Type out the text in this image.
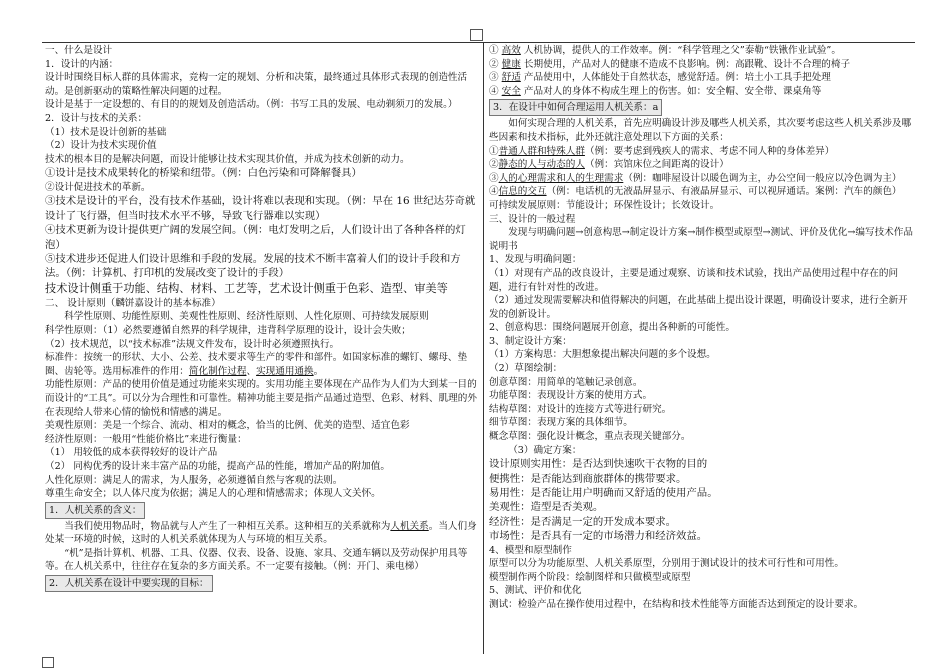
一、什么是设计

1．设计的内涵：

设计时围绕目标人群的具体需求，竞构一定的规划、分析和决策，最终通过具体形式表现的创造性活动。是创新驱动的策略性解决问题的过程。

设计是基于一定设想的、有目的的规划及创造活动。（例：书写工具的发展、电动剃须刀的发展。）

2．设计与技术的关系：

（1）技术是设计创新的基础

（2）设计为技术实现价值

技术的根本目的是解决问题，而设计能够让技术实现其价值，并成为技术创新的动力。

①设计是技术成果转化的桥梁和纽带。（例：白色污染和可降解餐具）

②设计促进技术的革新。

③技术是设计的平台，没有技术作基础，设计将难以表现和实现。（例：早在 16 世纪达芬奇就设计了飞行器，但当时技术水平不够，导致飞行器难以实现）

④技术更新为设计提供更广阔的发展空间。（例：电灯发明之后，人们设计出了各种各样的灯泡）

⑤技术进步还促进人们设计思维和手段的发展。发展的技术不断丰富着人们的设计手段和方法。（例：计算机、打印机的发展改变了设计的手段）

技术设计侧重于功能、结构、材料、工艺等，艺术设计侧重于色彩、造型、审美等

二、 设计原则（麟饼嘉设计的基本标准）

科学性原则、功能性原则、美观性性原则、经济性原则、人性化原则、可持续发展原则

科学性原则：（1）必然要遵循自然界的科学规律，违背科学原理的设计，设计会失败；

（2）技术规范，以“技术标准”法规文件发布，设计时必须遵照执行。

标准件：按统一的形状、大小、公差、技术要求等生产的零件和部件。如国家标准的螺钉、螺母、垫圈、齿轮等。选用标准件的作用：简化制作过程、实现通用通换。

功能性原则：产品的使用价值是通过功能来实现的。实用功能主要体现在产品作为人们为大到某一目的而设计的“工具”。可以分为合理性和可靠性。精神功能主要是指产品通过造型、色彩、材料、肌理的外在表现给人带来心情的愉悦和情感的满足。

美观性原则：美是一个综合、流动、相对的概念，恰当的比例、优美的造型、适宜色彩

经济性原则：一般用“性能价格比”来进行衡量：

（1） 用较低的成本获得较好的设计产品

（2） 同构优秀的设计来丰富产品的功能，提高产品的性能，增加产品的附加值。

人性化原则：满足人的需求，为人服务，必须遵循自然与客观的法则。

尊重生命安全；以人体尺度为依据；满足人的心理和情感需求；体现人文关怀。

1．人机关系的含义：

当我们使用物品时，物品就与人产生了一种相互关系。这种相互的关系就称为人机关系。当人们身处某一环境的时候，这时的人机关系就体现为人与环境的相互关系。

“机”是指计算机、机器、工具、仪器、仪表、设备、设施、家具、交通车辆以及劳动保护用具等等。在人机关系中，往往存在复杂的多方面关系。不一定要有接触。（例：开门、乘电梯）

2．人机关系在设计中要实现的目标：

① 高效 人机协调，提供人的工作效率。例：“科学管理之父”泰勒“铁锹作业试验”。

② 健康 长期使用，产品对人的健康不造成不良影响。例：高跟靴、设计不合理的椅子

③ 舒适 产品使用中，人体能处于自然状态，感觉舒适。例：培土小工具手把处理

④ 安全 产品对人的身体不构成生理上的伤害。如：安全帽、安全带、课桌角等

3．在设计中如何合理运用人机关系：a

如何实现合理的人机关系，首先应明确设计涉及哪些人机关系，其次要考虑这些人机关系涉及哪些因素和技术指标，此外还就注意处理以下方面的关系：

①普通人群和特殊人群（例：要考虑到残疾人的需求、考虑不同人种的身体差异）

②静态的人与动态的人（例：宾馆床位之间距离的设计）

③人的心理需求和人的生理需求（例：咖啡屋设计以暖色调为主，办公空间一般应以冷色调为主）

④信息的交互（例：电话机的无液晶屏显示、有液晶屏显示、可以视屏通话。案例：汽车的颜色）

可持续发展原则：节能设计；环保性设计；长效设计。

三、设计的一般过程

发现与明确问题→创意构思→制定设计方案→制作模型或原型→测试、评价及优化→编写技术作品说明书

1、发现与明确问题：

（1）对现有产品的改良设计，主要是通过观察、访谈和技术试验，找出产品使用过程中存在的问题，进行有针对性的改进。

（2）通过发现需要解决和值得解决的问题，在此基础上提出设计课题，明确设计要求，进行全新开发的创新设计。

2、创意构思：围绕问题展开创意，提出各种新的可能性。

3、制定设计方案：

（1）方案构思：大胆想象提出解决问题的多个设想。

（2）草图绘制：

创意草图：用简单的笔触记录创意。

功能草图：表现设计方案的使用方式。

结构草图：对设计的连接方式等进行研究。

细节草图：表现方案的具体细节。

概念草图：强化设计概念，重点表现关键部分。

（3）确定方案：

设计原则实用性：是否达到快速吹干衣物的目的

便携性：是否能达到商旅群体的携带要求。

易用性：是否能让用户明确而又舒适的使用产品。

美观性：造型是否美观。

经济性：是否满足一定的开发成本要求。

市场性：是否具有一定的市场潜力和经济效益。

4、模型和原型制作

原型可以分为功能原型、人机关系原型，分别用于测试设计的技术可行性和可用性。

模型制作两个阶段：绘制图样和只做模型或原型

5、测试、评价和优化

测试：检验产品在操作使用过程中，在结构和技术性能等方面能否达到预定的设计要求。
